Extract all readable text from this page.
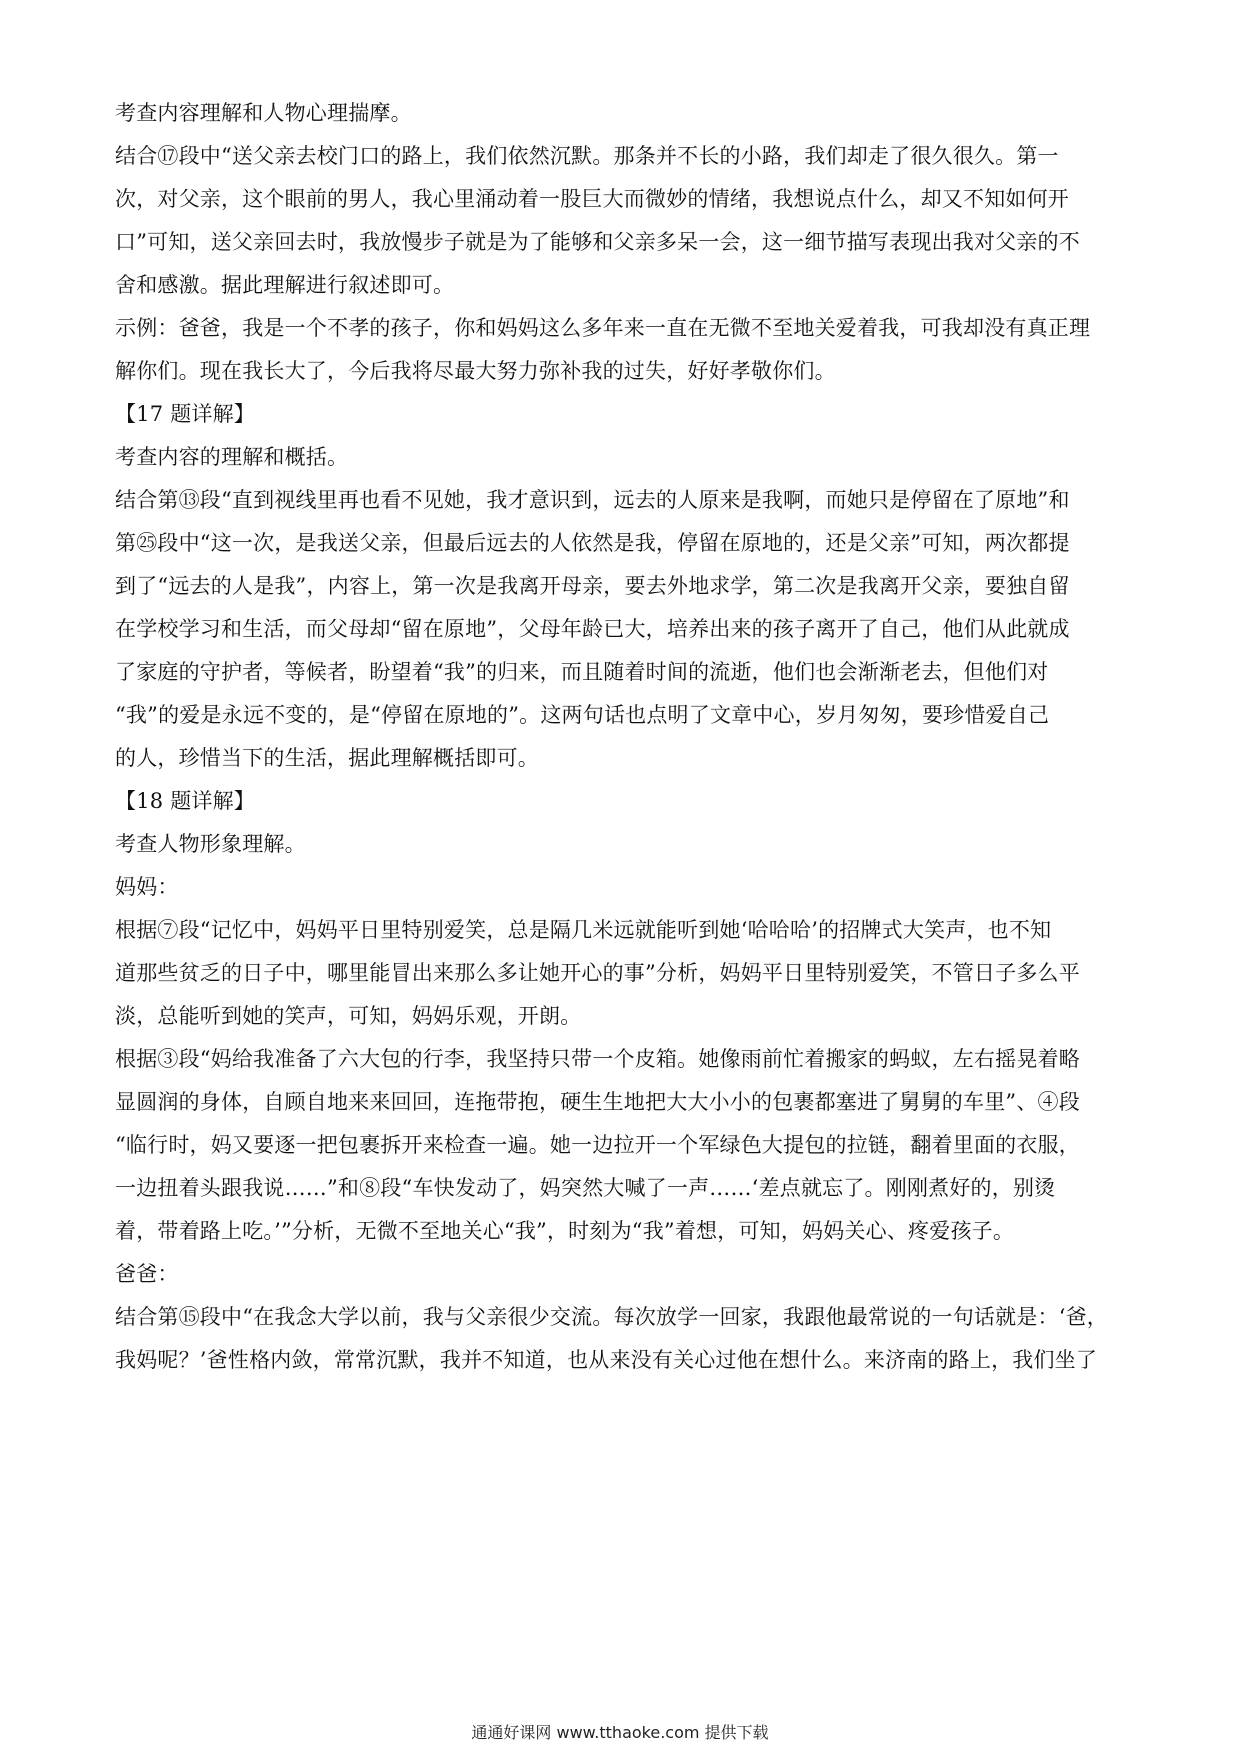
考查内容理解和人物心理揣摩。
结合⑰段中“送父亲去校门口的路上，我们依然沉默。那条并不长的小路，我们却走了很久很久。第一
次，对父亲，这个眼前的男人，我心里涌动着一股巨大而微妙的情绪，我想说点什么，却又不知如何开
口”可知，送父亲回去时，我放慢步子就是为了能够和父亲多呆一会，这一细节描写表现出我对父亲的不
舍和感激。据此理解进行叙述即可。
示例：爸爸，我是一个不孝的孩子，你和妈妈这么多年来一直在无微不至地关爱着我，可我却没有真正理
解你们。现在我长大了，今后我将尽最大努力弥补我的过失，好好孝敬你们。
【17 题详解】
考查内容的理解和概括。
结合第⑬段“直到视线里再也看不见她，我才意识到，远去的人原来是我啊，而她只是停留在了原地”和
第㉕段中“这一次，是我送父亲，但最后远去的人依然是我，停留在原地的，还是父亲”可知，两次都提
到了“远去的人是我”，内容上，第一次是我离开母亲，要去外地求学，第二次是我离开父亲，要独自留
在学校学习和生活，而父母却“留在原地”，父母年龄已大，培养出来的孩子离开了自己，他们从此就成
了家庭的守护者，等候者，盼望着“我”的归来，而且随着时间的流逝，他们也会渐渐老去，但他们对
“我”的爱是永远不变的，是“停留在原地的”。这两句话也点明了文章中心，岁月匆匆，要珍惜爱自己
的人，珍惜当下的生活，据此理解概括即可。
【18 题详解】
考查人物形象理解。
妈妈：
根据⑦段“记忆中，妈妈平日里特别爱笑，总是隔几米远就能听到她‘哈哈哈’的招牌式大笑声，也不知
道那些贫乏的日子中，哪里能冒出来那么多让她开心的事”分析，妈妈平日里特别爱笑，不管日子多么平
淡，总能听到她的笑声，可知，妈妈乐观，开朗。
根据③段“妈给我准备了六大包的行李，我坚持只带一个皮箱。她像雨前忙着搬家的蚂蚁，左右摇晃着略
显圆润的身体，自顾自地来来回回，连拖带抱，硬生生地把大大小小的包裹都塞进了舅舅的车里”、④段
“临行时，妈又要逐一把包裹拆开来检查一遍。她一边拉开一个军绿色大提包的拉链，翻着里面的衣服，
一边扭着头跟我说……”和⑧段“车快发动了，妈突然大喊了一声……‘差点就忘了。刚刚煮好的，别烫
着，带着路上吃。’”分析，无微不至地关心“我”，时刻为“我”着想，可知，妈妈关心、疼爱孩子。
爸爸：
结合第⑮段中“在我念大学以前，我与父亲很少交流。每次放学一回家，我跟他最常说的一句话就是：‘爸，
我妈呢？’爸性格内敛，常常沉默，我并不知道，也从来没有关心过他在想什么。来济南的路上，我们坐了
通通好课网 www.tthaoke.com 提供下载
